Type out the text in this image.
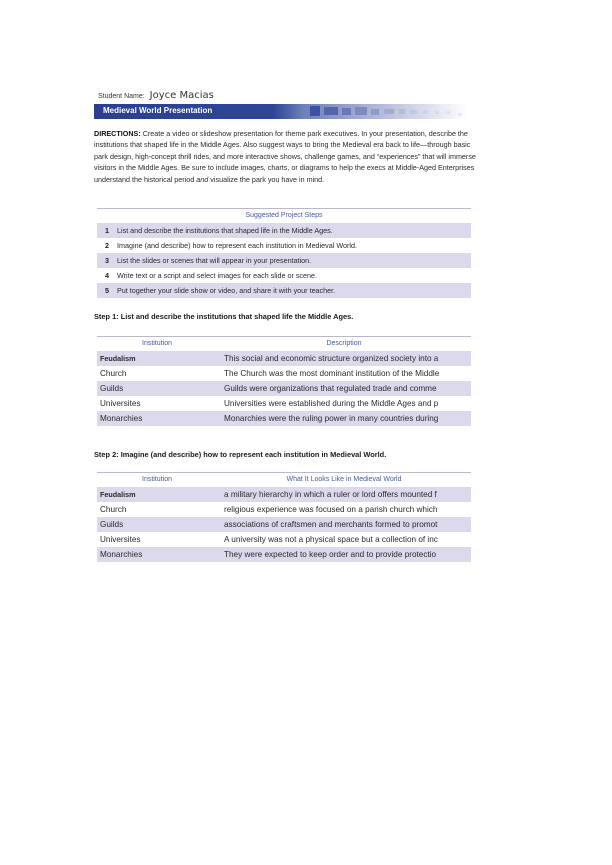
Student Name: Joyce Macias
Medieval World Presentation
DIRECTIONS: Create a video or slideshow presentation for theme park executives. In your presentation, describe the institutions that shaped life in the Middle Ages. Also suggest ways to bring the Medieval era back to life—through basic park design, high-concept thrill rides, and more interactive shows, challenge games, and “experiences” that will immerse visitors in the Middle Ages. Be sure to include images, charts, or diagrams to help the execs at Middle-Aged Enterprises understand the historical period and visualize the park you have in mind.
Suggested Project Steps
1	List and describe the institutions that shaped life in the Middle Ages.
2	Imagine (and describe) how to represent each institution in Medieval World.
3	List the slides or scenes that will appear in your presentation.
4	Write text or a script and select images for each slide or scene.
5	Put together your slide show or video, and share it with your teacher.
Step 1: List and describe the institutions that shaped life the Middle Ages.
Institution	Description
Feudalism	This social and economic structure organized society into a
Church	The Church was the most dominant institution of the Middle
Guilds	Guilds were organizations that regulated trade and comme
Universites	Universities were established during the Middle Ages and p
Monarchies	Monarchies were the ruling power in many countries during
Step 2: Imagine (and describe) how to represent each institution in Medieval World.
Institution	What It Looks Like in Medieval World
Feudalism	a military hierarchy in which a ruler or lord offers mounted f
Church	religious experience was focused on a parish church which
Guilds	associations of craftsmen and merchants formed to promot
Universites	A university was not a physical space but a collection of inc
Monarchies	They were expected to keep order and to provide protectio
